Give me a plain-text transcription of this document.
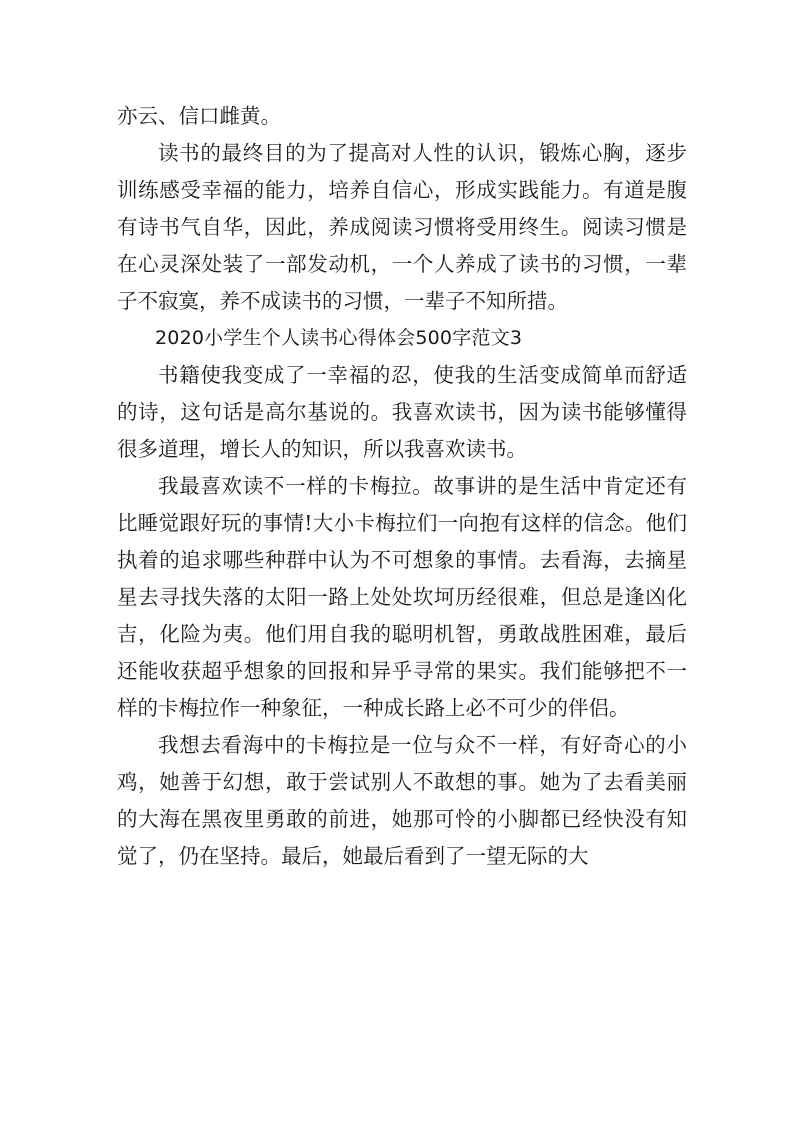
亦云、信口雌黄。

读书的最终目的为了提高对人性的认识，锻炼心胸，逐步训练感受幸福的能力，培养自信心，形成实践能力。有道是腹有诗书气自华，因此，养成阅读习惯将受用终生。阅读习惯是在心灵深处装了一部发动机，一个人养成了读书的习惯，一辈子不寂寞，养不成读书的习惯，一辈子不知所措。

2020小学生个人读书心得体会500字范文3

书籍使我变成了一幸福的忍，使我的生活变成简单而舒适的诗，这句话是高尔基说的。我喜欢读书，因为读书能够懂得很多道理，增长人的知识，所以我喜欢读书。

我最喜欢读不一样的卡梅拉。故事讲的是生活中肯定还有比睡觉跟好玩的事情!大小卡梅拉们一向抱有这样的信念。他们执着的追求哪些种群中认为不可想象的事情。去看海，去摘星星去寻找失落的太阳一路上处处坎坷历经很难，但总是逢凶化吉，化险为夷。他们用自我的聪明机智，勇敢战胜困难，最后还能收获超乎想象的回报和异乎寻常的果实。我们能够把不一样的卡梅拉作一种象征，一种成长路上必不可少的伴侣。

我想去看海中的卡梅拉是一位与众不一样，有好奇心的小鸡，她善于幻想，敢于尝试别人不敢想的事。她为了去看美丽的大海在黑夜里勇敢的前进，她那可怜的小脚都已经快没有知觉了，仍在坚持。最后，她最后看到了一望无际的大
